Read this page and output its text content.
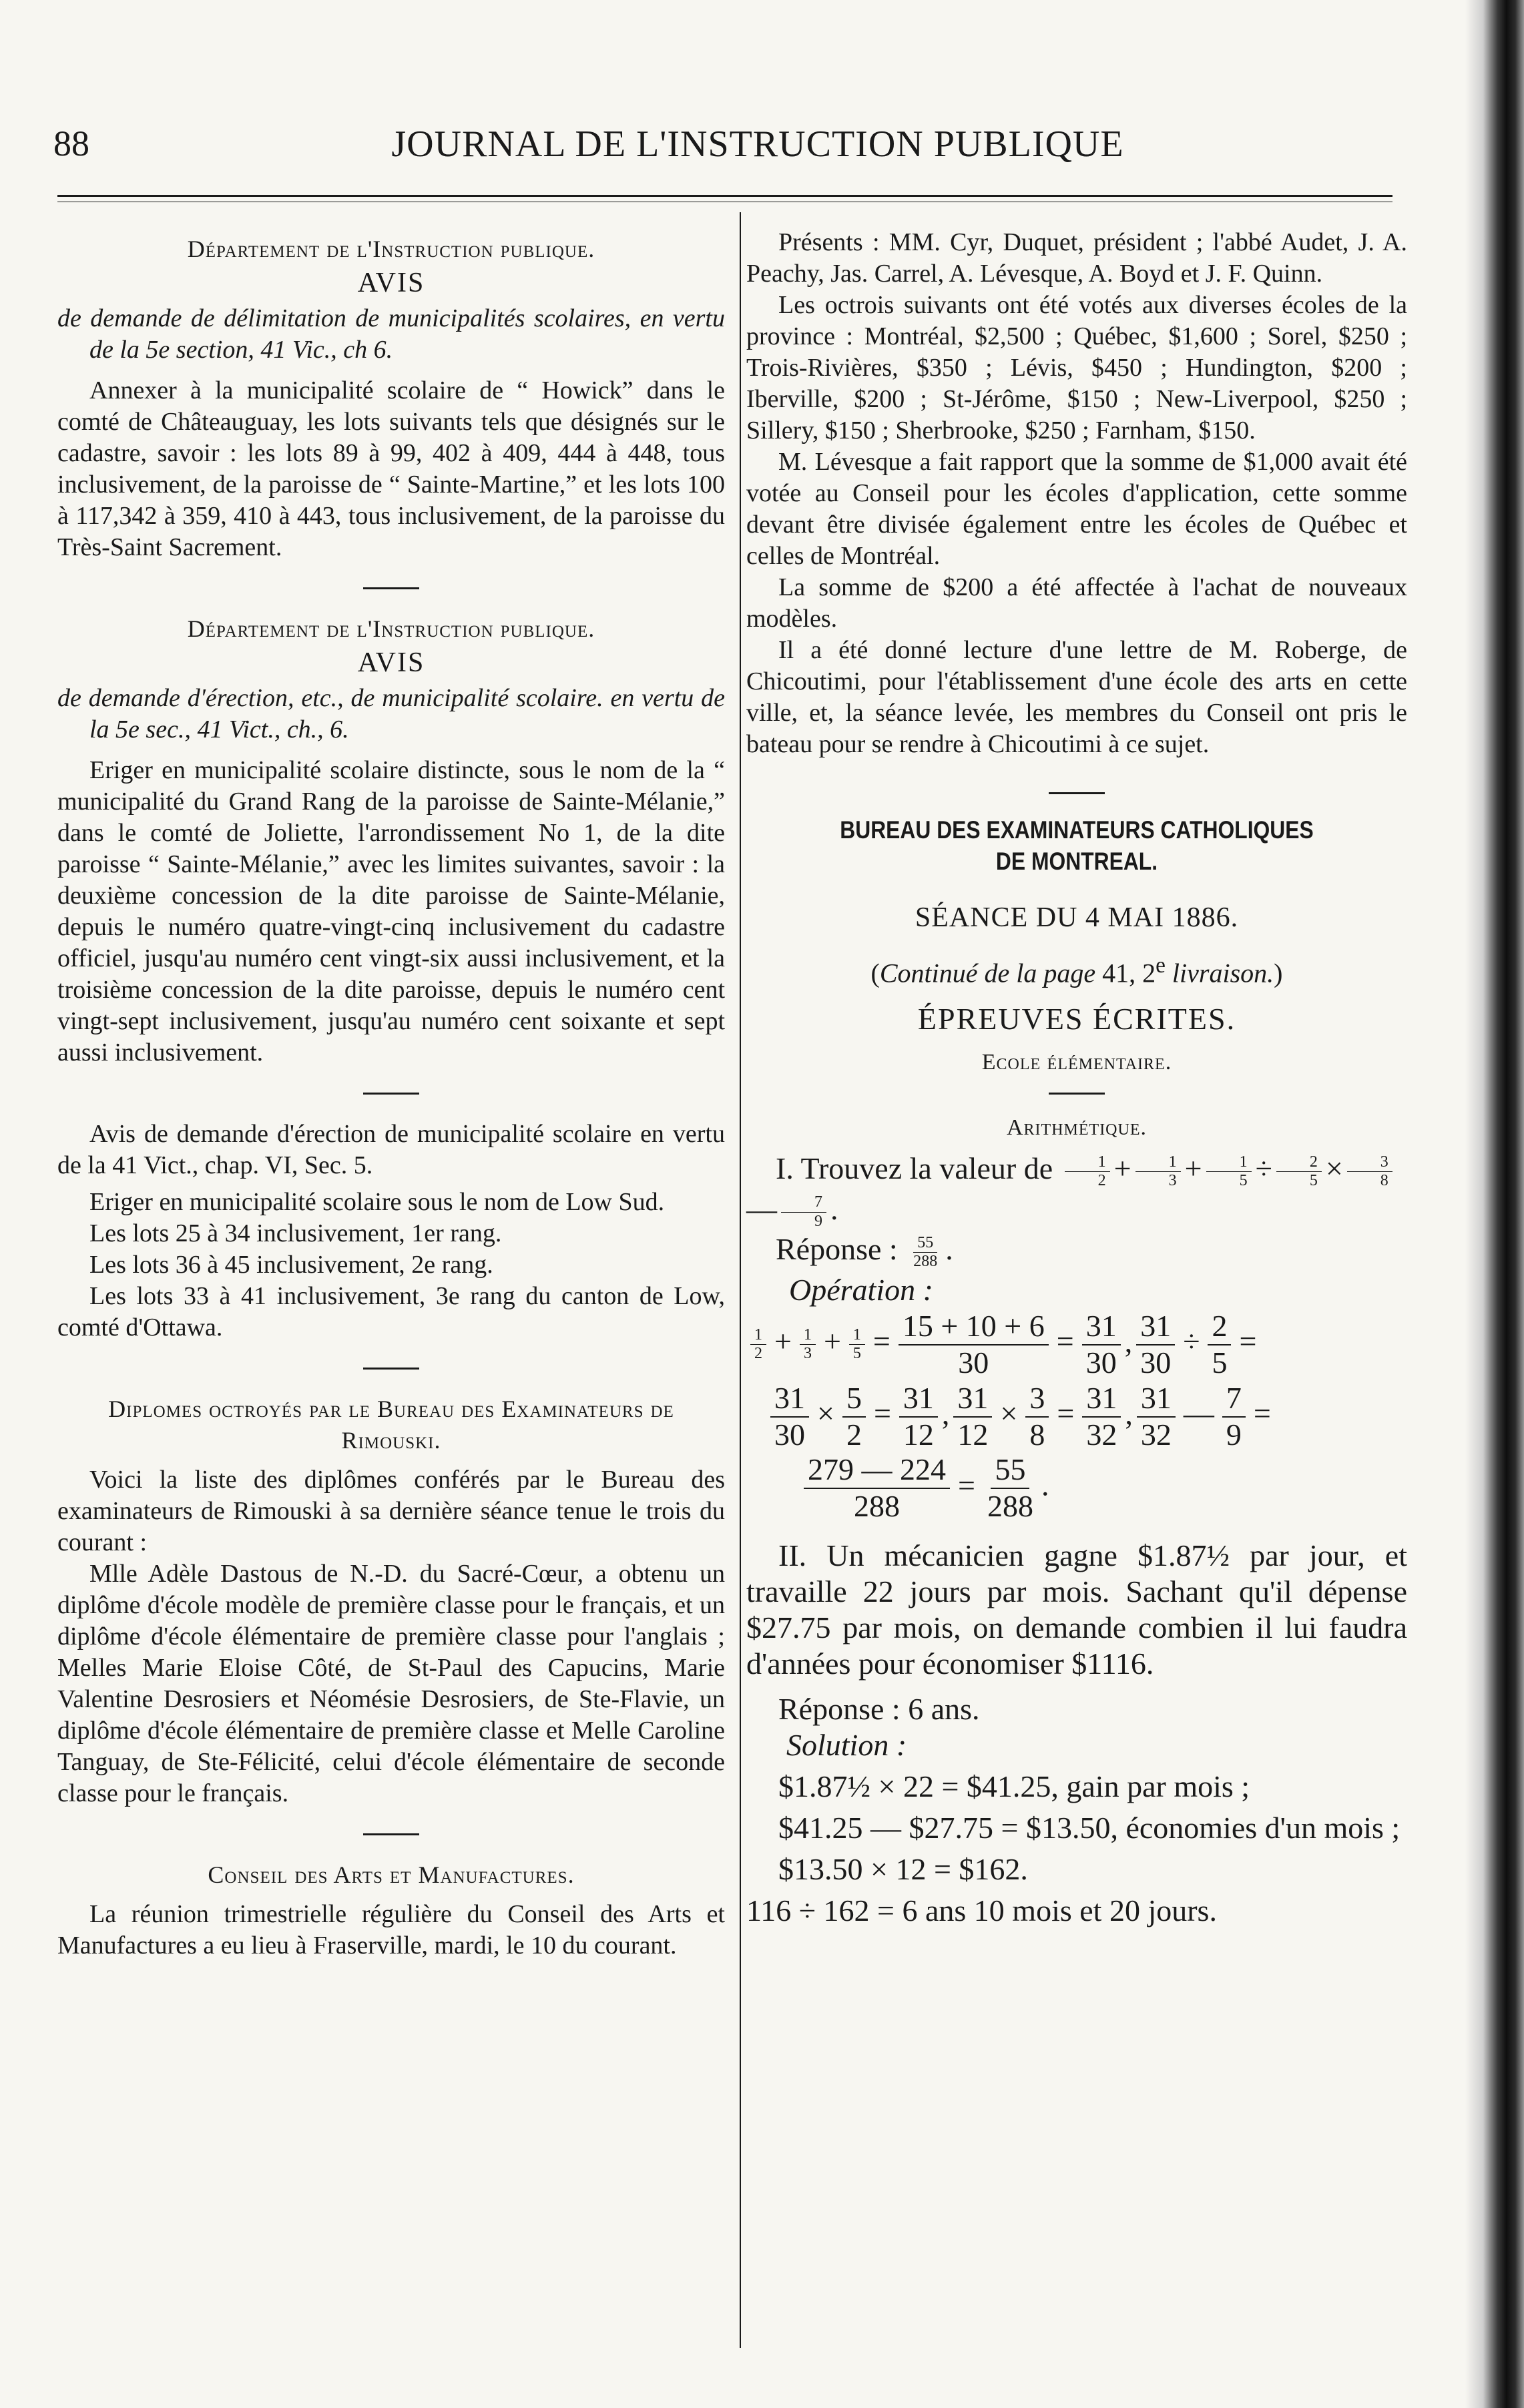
88	JOURNAL DE L'INSTRUCTION PUBLIQUE
Département de l'Instruction publique.
AVIS

de demande de délimitation de municipalités scolaires, en vertu de la 5e section, 41 Vic., ch 6.

Annexer à la municipalité scolaire de “ Howick” dans le comté de Châteauguay, les lots suivants tels que désignés sur le cadastre, savoir : les lots 89 à 99, 402 à 409, 444 à 448, tous inclusivement, de la paroisse de “ Sainte-Martine,” et les lots 100 à 117,342 à 359, 410 à 443, tous inclusivement, de la paroisse du Très-Saint Sacrement.

Département de l'Instruction publique.
AVIS

de demande d'érection, etc., de municipalité scolaire. en vertu de la 5e sec., 41 Vict., ch., 6.

Eriger en municipalité scolaire distincte, sous le nom de la “ municipalité du Grand Rang de la paroisse de Sainte-Mélanie,” dans le comté de Joliette, l'arrondissement No 1, de la dite paroisse “ Sainte-Mélanie,” avec les limites suivantes, savoir : la deuxième concession de la dite paroisse de Sainte-Mélanie, depuis le numéro quatre-vingt-cinq inclusivement du cadastre officiel, jusqu'au numéro cent vingt-six aussi inclusivement, et la troisième concession de la dite paroisse, depuis le numéro cent vingt-sept inclusivement, jusqu'au numéro cent soixante et sept aussi inclusivement.

Avis de demande d'érection de municipalité scolaire en vertu de la 41 Vict., chap. VI, Sec. 5.

Eriger en municipalité scolaire sous le nom de Low Sud.

Les lots 25 à 34 inclusivement, 1er rang.

Les lots 36 à 45 inclusivement, 2e rang.

Les lots 33 à 41 inclusivement, 3e rang du canton de Low, comté d'Ottawa.

Diplomes octroyés par le Bureau des Examinateurs de Rimouski.

Voici la liste des diplômes conférés par le Bureau des examinateurs de Rimouski à sa dernière séance tenue le trois du courant :

Mlle Adèle Dastous de N.-D. du Sacré-Cœur, a obtenu un diplôme d'école modèle de première classe pour le français, et un diplôme d'école élémentaire de première classe pour l'anglais ; Melles Marie Eloise Côté, de St-Paul des Capucins, Marie Valentine Desrosiers et Néomésie Desrosiers, de Ste-Flavie, un diplôme d'école élémentaire de première classe et Melle Caroline Tanguay, de Ste-Félicité, celui d'école élémentaire de seconde classe pour le français.

Conseil des Arts et Manufactures.

La réunion trimestrielle régulière du Conseil des Arts et Manufactures a eu lieu à Fraserville, mardi, le 10 du courant.

Présents : MM. Cyr, Duquet, président ; l'abbé Audet, J. A. Peachy, Jas. Carrel, A. Lévesque, A. Boyd et J. F. Quinn.

Les octrois suivants ont été votés aux diverses écoles de la province : Montréal, $2,500 ; Québec, $1,600 ; Sorel, $250 ; Trois-Rivières, $350 ; Lévis, $450 ; Hundington, $200 ; Iberville, $200 ; St-Jérôme, $150 ; New-Liverpool, $250 ; Sillery, $150 ; Sherbrooke, $250 ; Farnham, $150.

M. Lévesque a fait rapport que la somme de $1,000 avait été votée au Conseil pour les écoles d'application, cette somme devant être divisée également entre les écoles de Québec et celles de Montréal.

La somme de $200 a été affectée à l'achat de nouveaux modèles.

Il a été donné lecture d'une lettre de M. Roberge, de Chicoutimi, pour l'établissement d'une école des arts en cette ville, et, la séance levée, les membres du Conseil ont pris le bateau pour se rendre à Chicoutimi à ce sujet.

BUREAU DES EXAMINATEURS CATHOLIQUES
DE MONTREAL.
SÉANCE DU 4 MAI 1886.
(Continué de la page 41, 2e livraison.)
ÉPREUVES ÉCRITES.
Ecole élémentaire.
Arithmétique.

I. Trouvez la valeur de $\frac{1}{2} + \frac{1}{3} + \frac{1}{5} \div \frac{2}{5} \times \frac{3}{8}$
— $\frac{7}{9}$ .

Réponse : $\frac{55}{288}$ .

Opération :

$\frac{1}{2} + \frac{1}{3} + \frac{1}{5} = \frac{15 + 10 + 6}{30} = \frac{31}{30}$ , $\frac{31}{30} \div \frac{2}{5}$ =

$\frac{31}{30} \times \frac{5}{2} = \frac{31}{12}$ , $\frac{31}{12} \times \frac{3}{8} = \frac{31}{32}$ , $\frac{31}{32}$ — $\frac{7}{9}$ =

$\frac{279 — 224}{288} = \frac{55}{288}$ .

II. Un mécanicien gagne $1.87½ par jour, et travaille 22 jours par mois. Sachant qu'il dépense $27.75 par mois, on demande combien il lui faudra d'années pour économiser $1116.

Réponse : 6 ans.

Solution :

$1.87½ × 22 = $41.25, gain par mois ;

$41.25 — $27.75 = $13.50, économies d'un mois ;

$13.50 × 12 = $162.

116 ÷ 162 = 6 ans 10 mois et 20 jours.
